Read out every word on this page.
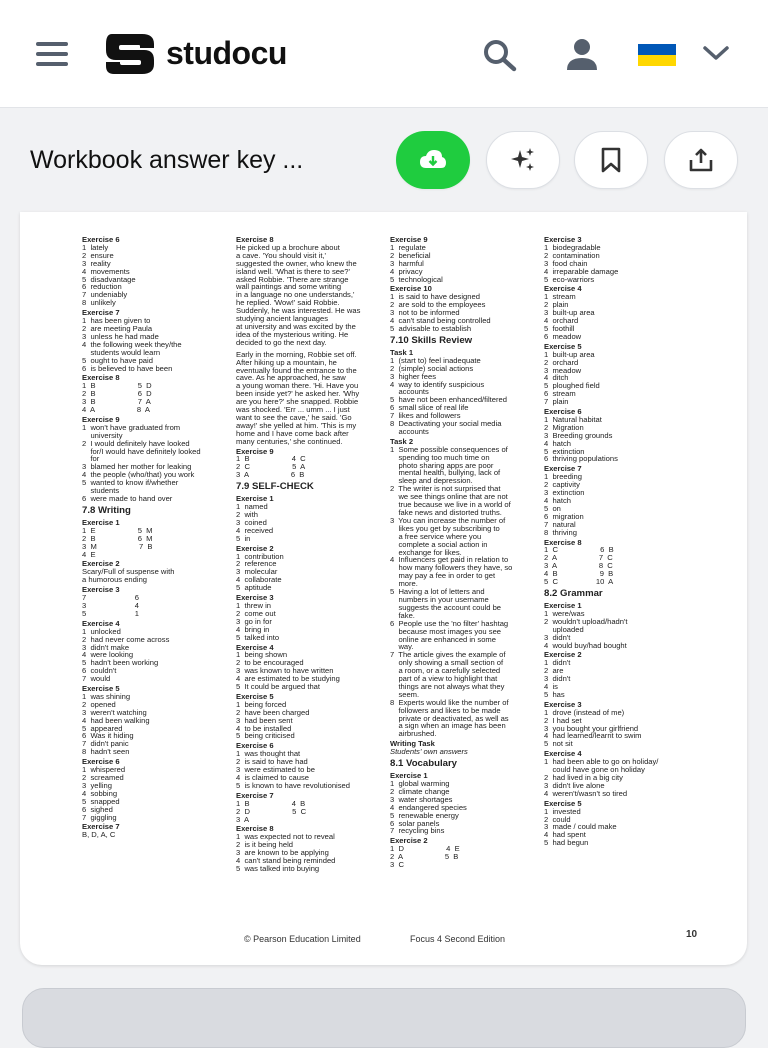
studocu
Workbook answer key ...
Exercise 6
1  lately
2  ensure
3  reality
4  movements
5  disadvantage
6  reduction
7  undeniably
8  unlikely
Exercise 7
1  has been given to
2  are meeting Paula
3  unless he had made
4  the following week they/the
students would learn
5  ought to have paid
6  is believed to have been
Exercise 8
1  B                    5  D
2  B                    6  D
3  B                    7  A
4  A                    8  A
Exercise 9
1  won't have graduated from
university
2  I would definitely have looked
for/I would have definitely looked
for
3  blamed her mother for leaking
4  the people (who/that) you work
5  wanted to know if/whether
students
6  were made to hand over
7.8 Writing
Exercise 1
1  E                    5  M
2  B                    6  M
3  M                    7  B
4  E
Exercise 2
Scary/Full of suspense with
a humorous ending
Exercise 3
7                       6
3                       4
5                       1
Exercise 4
1  unlocked
2  had never come across
3  didn't make
4  were looking
5  hadn't been working
6  couldn't
7  would
Exercise 5
1  was shining
2  opened
3  weren't watching
4  had been walking
5  appeared
6  Was it hiding
7  didn't panic
8  hadn't seen
Exercise 6
1  whispered
2  screamed
3  yelling
4  sobbing
5  snapped
6  sighed
7  giggling
Exercise 7
B, D, A, C
Exercise 8
He picked up a brochure about
a cave. 'You should visit it,'
suggested the owner, who knew the
island well. 'What is there to see?'
asked Robbie. 'There are strange
wall paintings and some writing
in a language no one understands,'
he replied. 'Wow!' said Robbie.
Suddenly, he was interested. He was
studying ancient languages
at university and was excited by the
idea of the mysterious writing. He
decided to go the next day.
Early in the morning, Robbie set off.
After hiking up a mountain, he
eventually found the entrance to the
cave. As he approached, he saw
a young woman there. 'Hi. Have you
been inside yet?' he asked her. 'Why
are you here?' she snapped. Robbie
was shocked. 'Err ... umm ... I just
want to see the cave,' he said. 'Go
away!' she yelled at him. 'This is my
home and I have come back after
many centuries,' she continued.
Exercise 9
1  B                    4  C
2  C                    5  A
3  A                    6  B
7.9 SELF-CHECK
Exercise 1
1  named
2  with
3  coined
4  received
5  in
Exercise 2
1  contribution
2  reference
3  molecular
4  collaborate
5  aptitude
Exercise 3
1  threw in
2  come out
3  go in for
4  bring in
5  talked into
Exercise 4
1  being shown
2  to be encouraged
3  was known to have written
4  are estimated to be studying
5  It could be argued that
Exercise 5
1  being forced
2  have been charged
3  had been sent
4  to be installed
5  being criticised
Exercise 6
1  was thought that
2  is said to have had
3  were estimated to be
4  is claimed to cause
5  is known to have revolutionised
Exercise 7
1  B                    4  B
2  D                    5  C
3  A
Exercise 8
1  was expected not to reveal
2  is it being held
3  are known to be applying
4  can't stand being reminded
5  was talked into buying
Exercise 9
1  regulate
2  beneficial
3  harmful
4  privacy
5  technological
Exercise 10
1  is said to have designed
2  are sold to the employees
3  not to be informed
4  can't stand being controlled
5  advisable to establish
7.10 Skills Review
Task 1
1  (start to) feel inadequate
2  (simple) social actions
3  higher fees
4  way to identify suspicious
accounts
5  have not been enhanced/filtered
6  small slice of real life
7  likes and followers
8  Deactivating your social media
accounts
Task 2
1  Some possible consequences of
spending too much time on
photo sharing apps are poor
mental health, bullying, lack of
sleep and depression.
2  The writer is not surprised that
we see things online that are not
true because we live in a world of
fake news and distorted truths.
3  You can increase the number of
likes you get by subscribing to
a free service where you
complete a social action in
exchange for likes.
4  Influencers get paid in relation to
how many followers they have, so
may pay a fee in order to get
more.
5  Having a lot of letters and
numbers in your username
suggests the account could be
fake.
6  People use the 'no filter' hashtag
because most images you see
online are enhanced in some
way.
7  The article gives the example of
only showing a small section of
a room, or a carefully selected
part of a view to highlight that
things are not always what they
seem.
8  Experts would like the number of
followers and likes to be made
private or deactivated, as well as
a sign when an image has been
airbrushed.
Writing Task
Students' own answers
8.1 Vocabulary
Exercise 1
1  global warming
2  climate change
3  water shortages
4  endangered species
5  renewable energy
6  solar panels
7  recycling bins
Exercise 2
1  D                    4  E
2  A                    5  B
3  C
Exercise 3
1  biodegradable
2  contamination
3  food chain
4  irreparable damage
5  eco-warriors
Exercise 4
1  stream
2  plain
3  built-up area
4  orchard
5  foothill
6  meadow
Exercise 5
1  built-up area
2  orchard
3  meadow
4  ditch
5  ploughed field
6  stream
7  plain
Exercise 6
1  Natural habitat
2  Migration
3  Breeding grounds
4  hatch
5  extinction
6  thriving populations
Exercise 7
1  breeding
2  captivity
3  extinction
4  hatch
5  on
6  migration
7  natural
8  thriving
Exercise 8
1  C                    6  B
2  A                    7  C
3  A                    8  C
4  B                    9  B
5  C                  10  A
8.2 Grammar
Exercise 1
1  were/was
2  wouldn't upload/hadn't
uploaded
3  didn't
4  would buy/had bought
Exercise 2
1  didn't
2  are
3  didn't
4  is
5  has
Exercise 3
1  drove (instead of me)
2  I had set
3  you bought your girlfriend
4  had learned/learnt to swim
5  not sit
Exercise 4
1  had been able to go on holiday/
could have gone on holiday
2  had lived in a big city
3  didn't live alone
4  weren't/wasn't so tired
Exercise 5
1  invested
2  could
3  made / could make
4  had spent
5  had begun
© Pearson Education Limited	Focus 4 Second Edition	10
